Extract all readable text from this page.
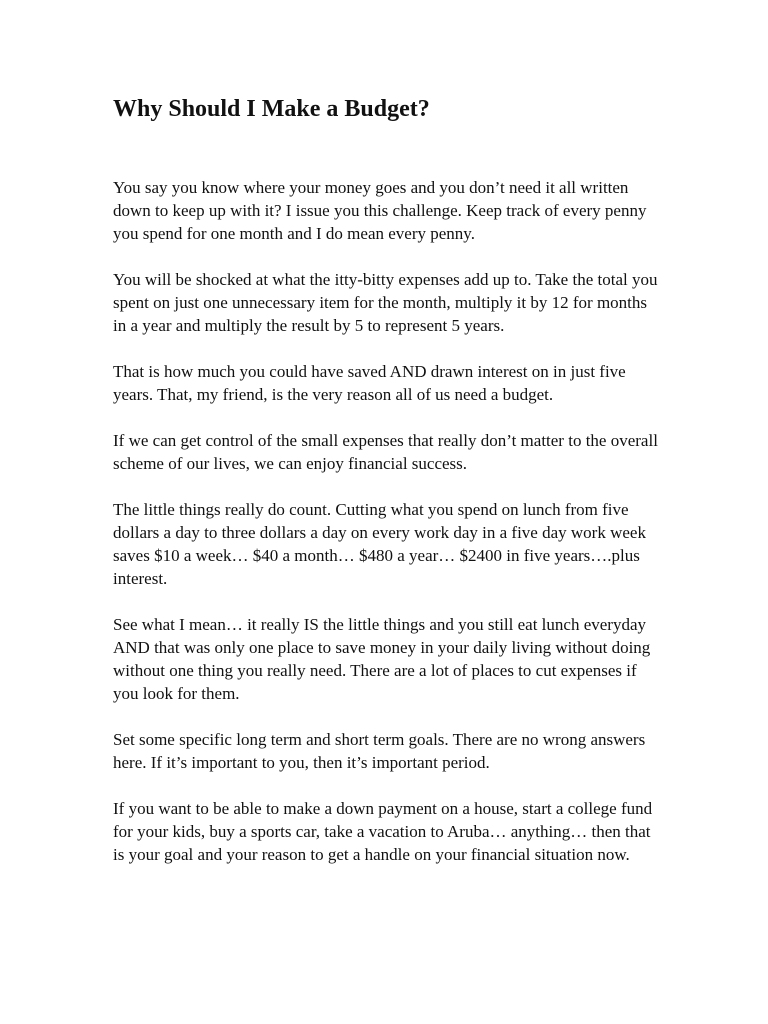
Why Should I Make a Budget?

You say you know where your money goes and you don’t need it all written down to keep up with it? I issue you this challenge. Keep track of every penny you spend for one month and I do mean every penny.

You will be shocked at what the itty-bitty expenses add up to. Take the total you spent on just one unnecessary item for the month, multiply it by 12 for months in a year and multiply the result by 5 to represent 5 years.

That is how much you could have saved AND drawn interest on in just five years. That, my friend, is the very reason all of us need a budget.

If we can get control of the small expenses that really don’t matter to the overall scheme of our lives, we can enjoy financial success.

The little things really do count. Cutting what you spend on lunch from five dollars a day to three dollars a day on every work day in a five day work week saves $10 a week… $40 a month… $480 a year… $2400 in five years….plus interest.

See what I mean… it really IS the little things and you still eat lunch everyday AND that was only one place to save money in your daily living without doing without one thing you really need. There are a lot of places to cut expenses if you look for them.

Set some specific long term and short term goals. There are no wrong answers here. If it’s important to you, then it’s important period.

If you want to be able to make a down payment on a house, start a college fund for your kids, buy a sports car, take a vacation to Aruba… anything… then that is your goal and your reason to get a handle on your financial situation now.
